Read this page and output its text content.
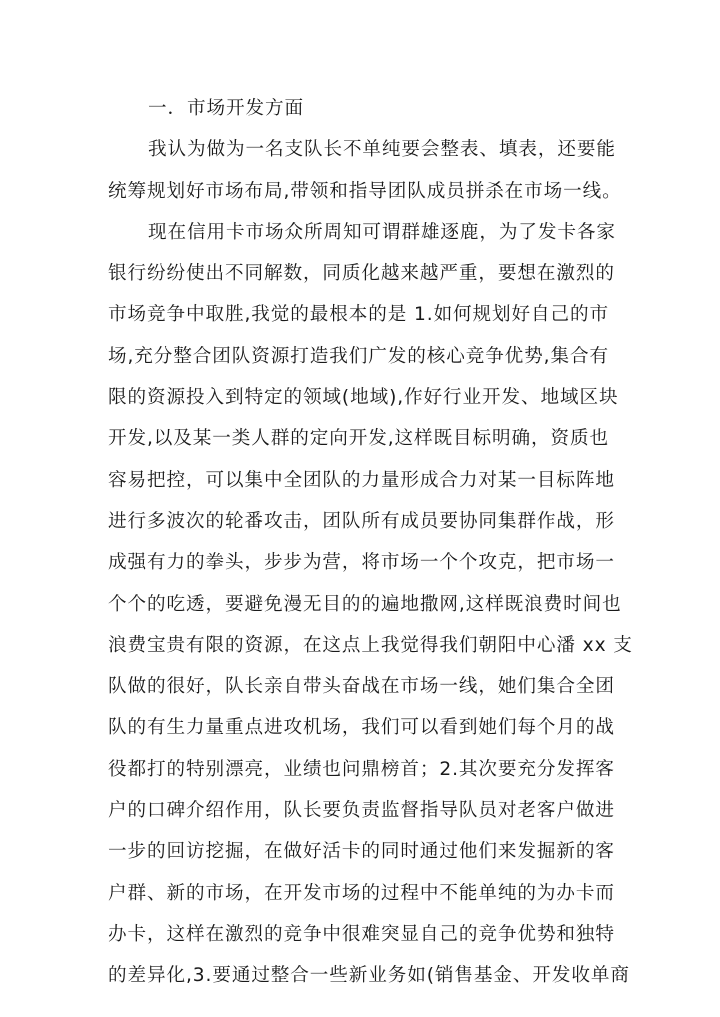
一．市场开发方面
我认为做为一名支队长不单纯要会整表、填表，还要能
统筹规划好市场布局,带领和指导团队成员拼杀在市场一线。
现在信用卡市场众所周知可谓群雄逐鹿，为了发卡各家
银行纷纷使出不同解数，同质化越来越严重，要想在激烈的
市场竞争中取胜,我觉的最根本的是 1.如何规划好自己的市
场,充分整合团队资源打造我们广发的核心竞争优势,集合有
限的资源投入到特定的领域(地域),作好行业开发、地域区块
开发,以及某一类人群的定向开发,这样既目标明确，资质也
容易把控，可以集中全团队的力量形成合力对某一目标阵地
进行多波次的轮番攻击，团队所有成员要协同集群作战，形
成强有力的拳头，步步为营，将市场一个个攻克，把市场一
个个的吃透，要避免漫无目的的遍地撒网,这样既浪费时间也
浪费宝贵有限的资源，在这点上我觉得我们朝阳中心潘 xx 支
队做的很好，队长亲自带头奋战在市场一线，她们集合全团
队的有生力量重点进攻机场，我们可以看到她们每个月的战
役都打的特别漂亮，业绩也问鼎榜首；2.其次要充分发挥客
户的口碑介绍作用，队长要负责监督指导队员对老客户做进
一步的回访挖掘，在做好活卡的同时通过他们来发掘新的客
户群、新的市场，在开发市场的过程中不能单纯的为办卡而
办卡，这样在激烈的竞争中很难突显自己的竞争优势和独特
的差异化,3.要通过整合一些新业务如(销售基金、开发收单商
